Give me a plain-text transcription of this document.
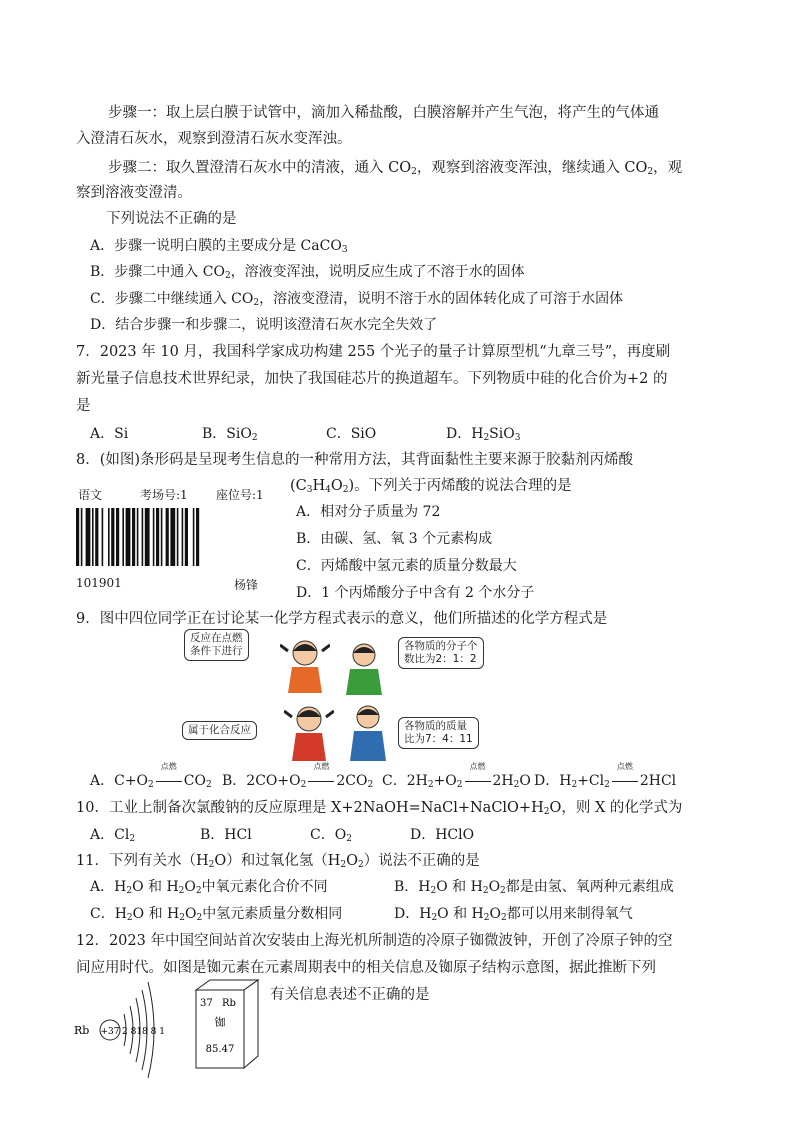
步骤一：取上层白膜于试管中，滴加入稀盐酸，白膜溶解并产生气泡，将产生的气体通
入澄清石灰水，观察到澄清石灰水变浑浊。
步骤二：取久置澄清石灰水中的清液，通入 $CO_2$，观察到溶液变浑浊，继续通入 $CO_2$，观
察到溶液变澄清。
下列说法不正确的是
A．步骤一说明白膜的主要成分是 CaCO$_3$
B．步骤二中通入 $CO_2$，溶液变浑浊，说明反应生成了不溶于水的固体
C．步骤二中继续通入 $CO_2$，溶液变澄清，说明不溶于水的固体转化成了可溶于水固体
D．结合步骤一和步骤二，说明该澄清石灰水完全失效了
7．2023 年 10 月，我国科学家成功构建 255 个光子的量子计算原型机“九章三号”，再度刷
新光量子信息技术世界纪录，加快了我国硅芯片的换道超车。下列物质中硅的化合价为+2 的
是
A．Si	B．SiO$_2$	C．SiO	D．$H_2SiO_3$
8．(如图)条形码是呈现考生信息的一种常用方法，其背面黏性主要来源于胶黏剂丙烯酸
$(C_3H_4O_2)$。下列关于丙烯酸的说法合理的是
语文	考场号:1 座位号:1
101901	杨锋
A．相对分子质量为 72
B．由碳、氢、氧 3 个元素构成
C．丙烯酸中氢元素的质量分数最大
D．1 个丙烯酸分子中含有 2 个水分子
9．图中四位同学正在讨论某一化学方程式表示的意义，他们所描述的化学方程式是
反应在点燃
条件下进行	各物质的分子个
数比为2：1：2
属于化合反应	各物质的质量
比为7：4：11
A．$C+O_2$
点燃
$CO_2$ B．$2CO+O_2$
点燃
$2CO_2$ C．$2H_2+O_2$
点燃
$2H_2O$ D．$H_2+Cl_2$
点燃
2HCl
10．工业上制备次氯酸钠的反应原理是 $X+2NaOH=NaCl+NaClO+H_2O$，则 X 的化学式为
A．$Cl_2$	B．HCl	C．$O_2$	D．HClO
11．下列有关水$(H_2O)$和过氧化氢$(H_2O_2)$说法不正确的是
A．$H_2O$ 和 $H_2O_2$中氧元素化合价不同	B．$H_2O$ 和 $H_2O_2$都是由氢、氧两种元素组成
C．$H_2O$ 和 $H_2O_2$中氢元素质量分数相同	D．$H_2O$ 和 $H_2O_2$都可以用来制得氧气
12．2023 年中国空间站首次安装由上海光机所制造的冷原子铷微波钟，开创了冷原子钟的空
间应用时代。如图是铷元素在元素周期表中的相关信息及铷原子结构示意图，据此推断下列
有关信息表述不正确的是
Rb +37 2 818 8 1
37 Rb
铷
85.47
